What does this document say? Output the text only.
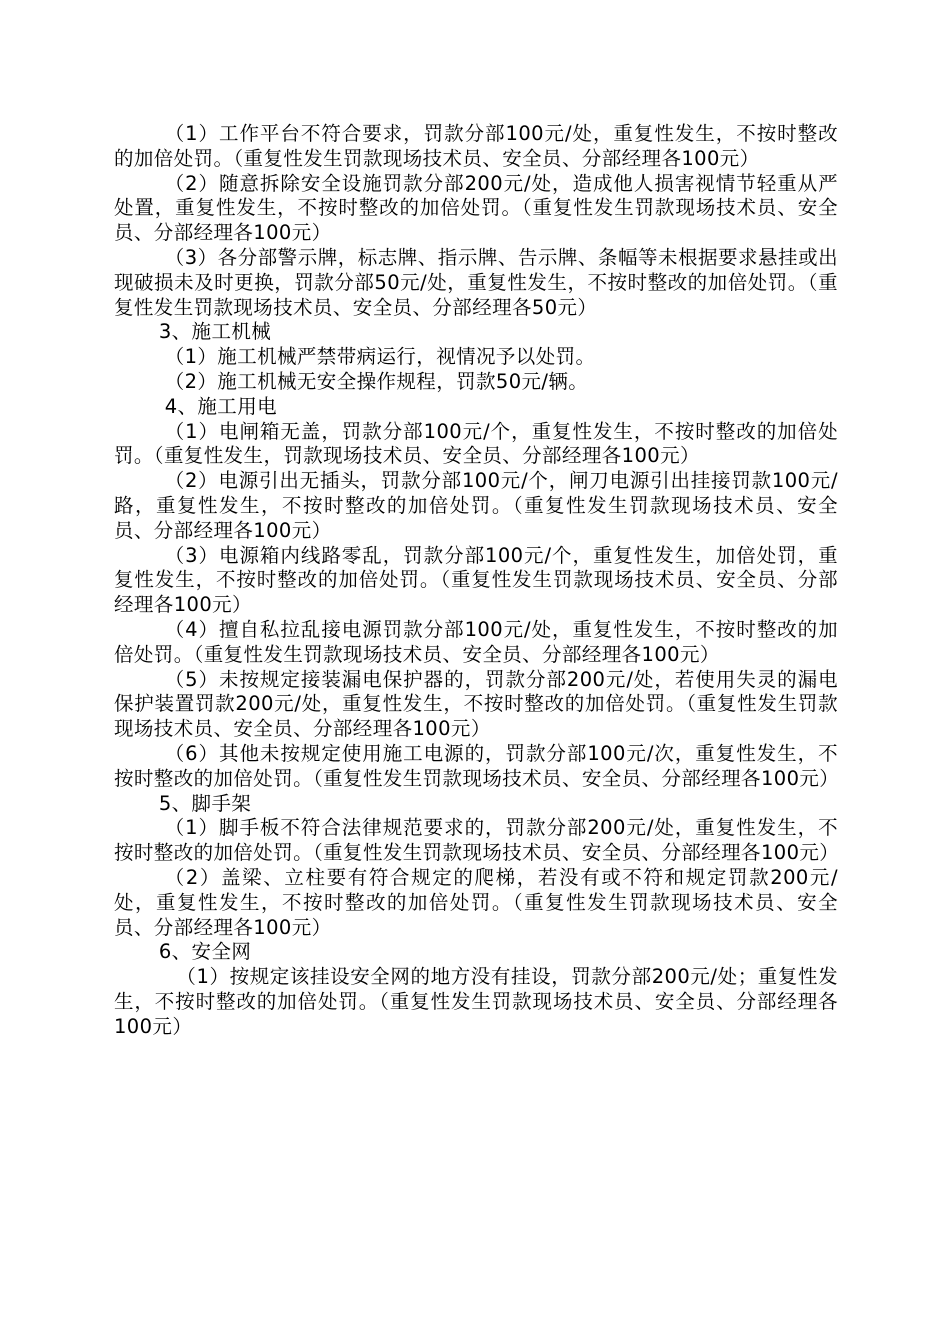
（1）工作平台不符合要求，罚款分部100元/处，重复性发生，不按时整改的加倍处罚。（重复性发生罚款现场技术员、安全员、分部经理各100元）

（2）随意拆除安全设施罚款分部200元/处，造成他人损害视情节轻重从严处置，重复性发生，不按时整改的加倍处罚。（重复性发生罚款现场技术员、安全员、分部经理各100元）

（3）各分部警示牌，标志牌、指示牌、告示牌、条幅等未根据要求悬挂或出现破损未及时更换，罚款分部50元/处，重复性发生，不按时整改的加倍处罚。（重复性发生罚款现场技术员、安全员、分部经理各50元）

3、施工机械

（1）施工机械严禁带病运行，视情况予以处罚。

（2）施工机械无安全操作规程，罚款50元/辆。

4、施工用电

（1）电闸箱无盖，罚款分部100元/个，重复性发生，不按时整改的加倍处罚。（重复性发生，罚款现场技术员、安全员、分部经理各100元）

（2）电源引出无插头，罚款分部100元/个，闸刀电源引出挂接罚款100元/路，重复性发生，不按时整改的加倍处罚。（重复性发生罚款现场技术员、安全员、分部经理各100元）

（3）电源箱内线路零乱，罚款分部100元/个，重复性发生，加倍处罚，重复性发生，不按时整改的加倍处罚。（重复性发生罚款现场技术员、安全员、分部经理各100元）

（4）擅自私拉乱接电源罚款分部100元/处，重复性发生，不按时整改的加倍处罚。（重复性发生罚款现场技术员、安全员、分部经理各100元）

（5）未按规定接装漏电保护器的，罚款分部200元/处，若使用失灵的漏电保护装置罚款200元/处，重复性发生，不按时整改的加倍处罚。（重复性发生罚款现场技术员、安全员、分部经理各100元）

（6）其他未按规定使用施工电源的，罚款分部100元/次，重复性发生，不按时整改的加倍处罚。（重复性发生罚款现场技术员、安全员、分部经理各100元）

5、脚手架

（1）脚手板不符合法律规范要求的，罚款分部200元/处，重复性发生，不按时整改的加倍处罚。（重复性发生罚款现场技术员、安全员、分部经理各100元）

（2）盖梁、立柱要有符合规定的爬梯，若没有或不符和规定罚款200元/处，重复性发生，不按时整改的加倍处罚。（重复性发生罚款现场技术员、安全员、分部经理各100元）

6、安全网

（1）按规定该挂设安全网的地方没有挂设，罚款分部200元/处；重复性发生，不按时整改的加倍处罚。（重复性发生罚款现场技术员、安全员、分部经理各100元）
